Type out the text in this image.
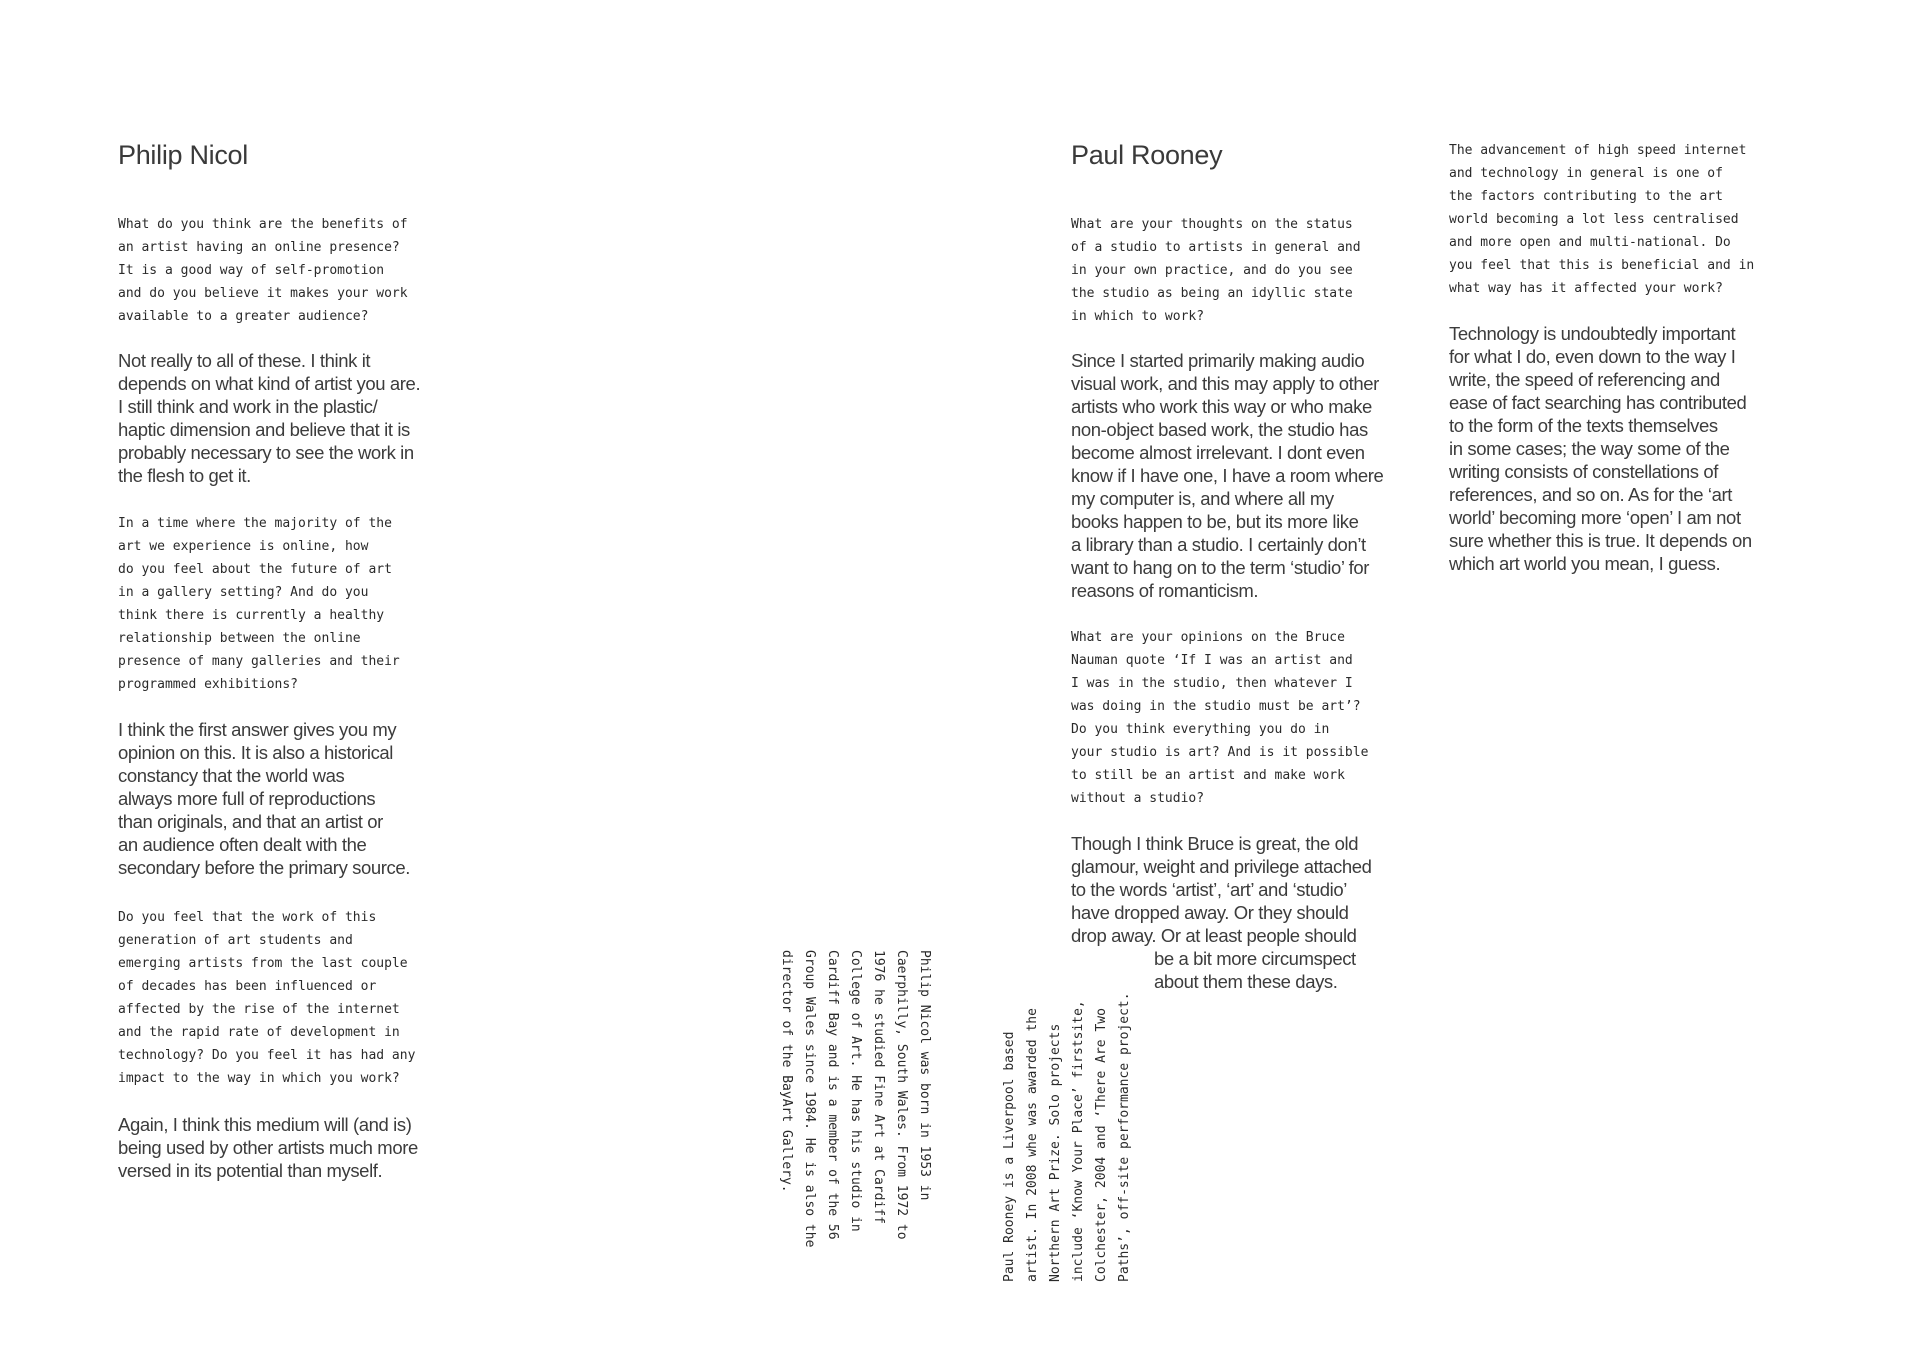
Philip Nicol

What do you think are the benefits of
an artist having an online presence?
It is a good way of self-promotion
and do you believe it makes your work
available to a greater audience?

Not really to all of these. I think it
depends on what kind of artist you are.
I still think and work in the plastic/
haptic dimension and believe that it is
probably necessary to see the work in
the flesh to get it.

In a time where the majority of the
art we experience is online, how
do you feel about the future of art
in a gallery setting? And do you
think there is currently a healthy
relationship between the online
presence of many galleries and their
programmed exhibitions?

I think the first answer gives you my
opinion on this. It is also a historical
constancy that the world was
always more full of reproductions
than originals, and that an artist or
an audience often dealt with the
secondary before the primary source.

Do you feel that the work of this
generation of art students and
emerging artists from the last couple
of decades has been influenced or
affected by the rise of the internet
and the rapid rate of development in
technology? Do you feel it has had any
impact to the way in which you work?

Again, I think this medium will (and is)
being used by other artists much more
versed in its potential than myself.

Philip Nicol was born in 1953 in
Caerphilly, South Wales. From 1972 to
1976 he studied Fine Art at Cardiff
College of Art. He has his studio in
Cardiff Bay and is a member of the 56
Group Wales since 1984. He is also the
director of the BayArt Gallery.

Paul Rooney is a Liverpool based
artist. In 2008 whe was awarded the
Northern Art Prize. Solo projects
include ‘Know Your Place’ firstsite,
Colchester, 2004 and ‘There Are Two
Paths’, off-site performance project.

Paul Rooney

What are your thoughts on the status
of a studio to artists in general and
in your own practice, and do you see
the studio as being an idyllic state
in which to work?

Since I started primarily making audio
visual work, and this may apply to other
artists who work this way or who make
non-object based work, the studio has
become almost irrelevant. I dont even
know if I have one, I have a room where
my computer is, and where all my
books happen to be, but its more like
a library than a studio. I certainly don’t
want to hang on to the term ‘studio’ for
reasons of romanticism.

What are your opinions on the Bruce
Nauman quote ‘If I was an artist and
I was in the studio, then whatever I
was doing in the studio must be art’?
Do you think everything you do in
your studio is art? And is it possible
to still be an artist and make work
without a studio?

Though I think Bruce is great, the old
glamour, weight and privilege attached
to the words ‘artist’, ‘art’ and ‘studio’
have dropped away. Or they should
drop away. Or at least people should

be a bit more circumspect
about them these days.

The advancement of high speed internet
and technology in general is one of
the factors contributing to the art
world becoming a lot less centralised
and more open and multi-national. Do
you feel that this is beneficial and in
what way has it affected your work?

Technology is undoubtedly important
for what I do, even down to the way I
write, the speed of referencing and
ease of fact searching has contributed
to the form of the texts themselves
in some cases; the way some of the
writing consists of constellations of
references, and so on. As for the ‘art
world’ becoming more ‘open’ I am not
sure whether this is true. It depends on
which art world you mean, I guess.
